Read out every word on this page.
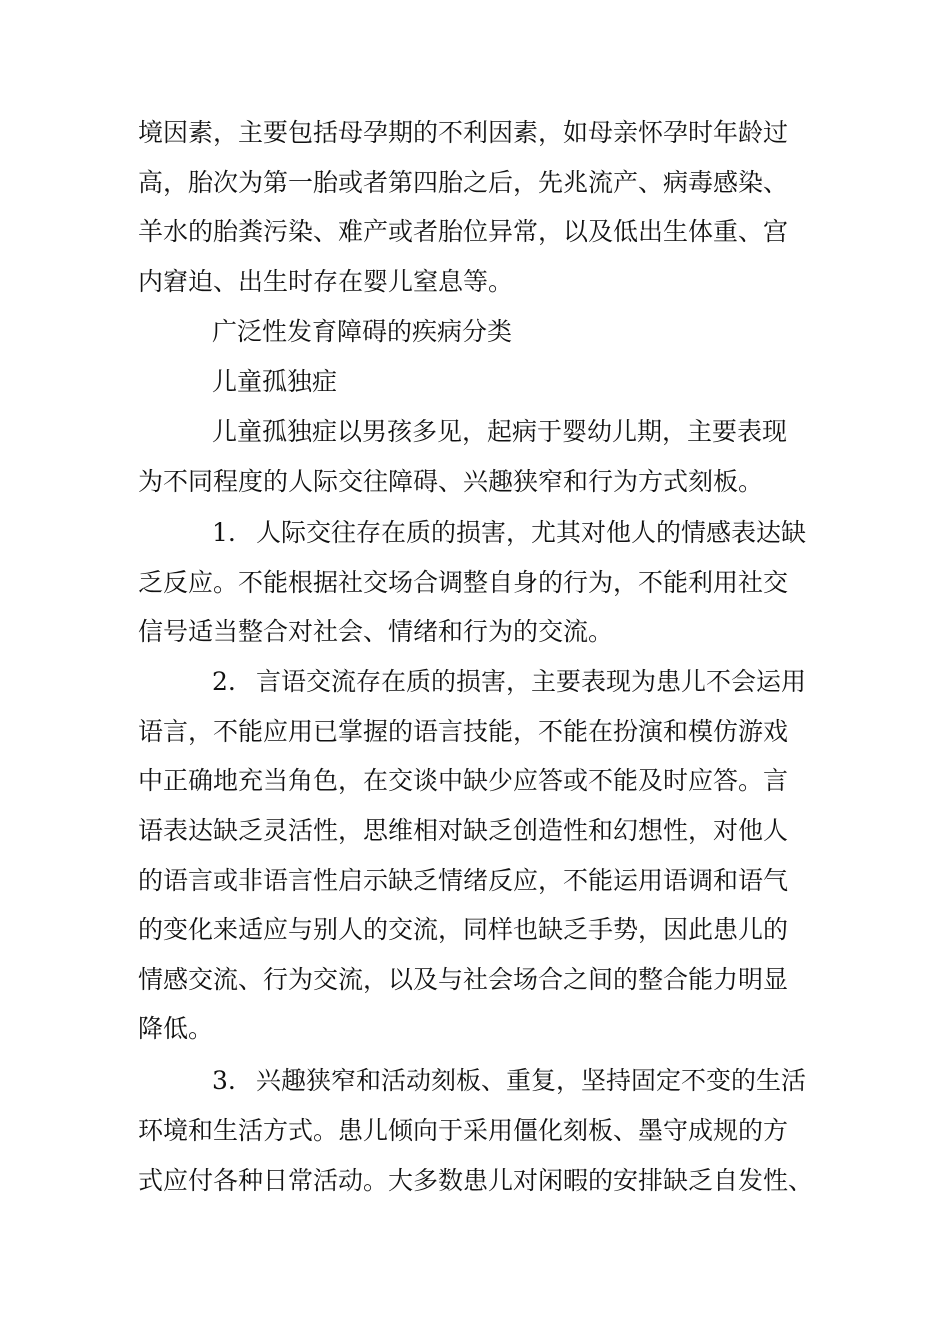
境因素，主要包括母孕期的不利因素，如母亲怀孕时年龄过
高，胎次为第一胎或者第四胎之后，先兆流产、病毒感染、
羊水的胎粪污染、难产或者胎位异常，以及低出生体重、宫
内窘迫、出生时存在婴儿窒息等。
广泛性发育障碍的疾病分类
儿童孤独症
儿童孤独症以男孩多见，起病于婴幼儿期，主要表现
为不同程度的人际交往障碍、兴趣狭窄和行为方式刻板。
1. 人际交往存在质的损害，尤其对他人的情感表达缺
乏反应。不能根据社交场合调整自身的行为，不能利用社交
信号适当整合对社会、情绪和行为的交流。
2. 言语交流存在质的损害，主要表现为患儿不会运用
语言，不能应用已掌握的语言技能，不能在扮演和模仿游戏
中正确地充当角色，在交谈中缺少应答或不能及时应答。言
语表达缺乏灵活性，思维相对缺乏创造性和幻想性，对他人
的语言或非语言性启示缺乏情绪反应，不能运用语调和语气
的变化来适应与别人的交流，同样也缺乏手势，因此患儿的
情感交流、行为交流，以及与社会场合之间的整合能力明显
降低。
3. 兴趣狭窄和活动刻板、重复，坚持固定不变的生活
环境和生活方式。患儿倾向于采用僵化刻板、墨守成规的方
式应付各种日常活动。大多数患儿对闲暇的安排缺乏自发性、
